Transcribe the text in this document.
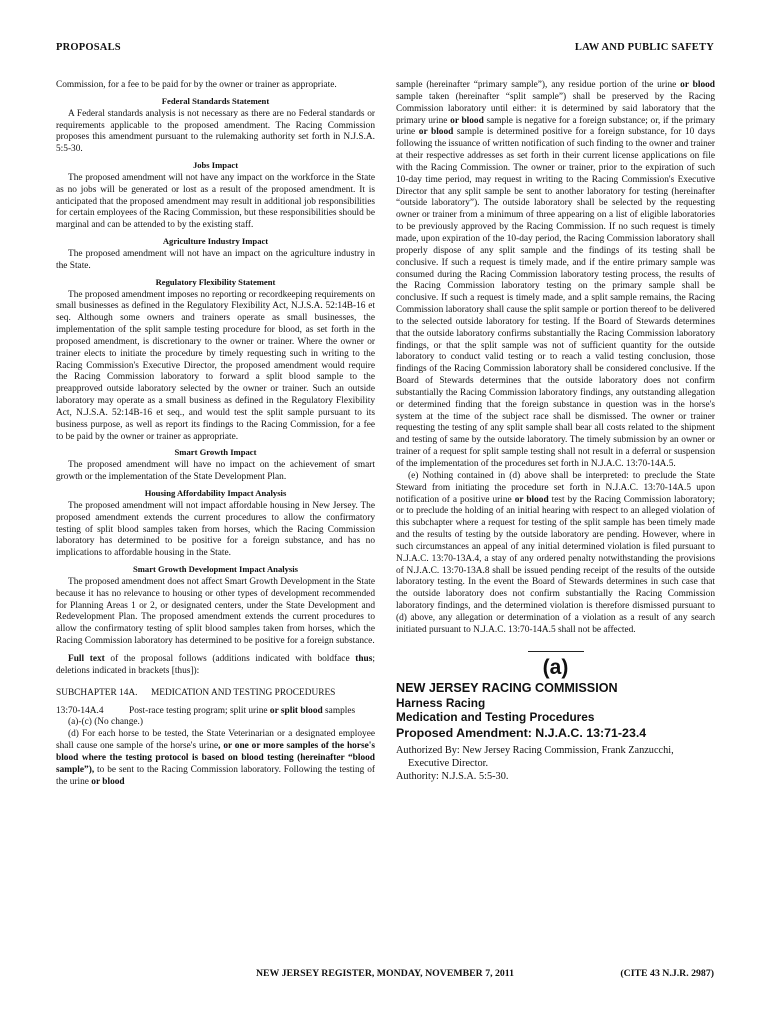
PROPOSALS	LAW AND PUBLIC SAFETY

Commission, for a fee to be paid for by the owner or trainer as appropriate.

Federal Standards Statement

A Federal standards analysis is not necessary as there are no Federal standards or requirements applicable to the proposed amendment. The Racing Commission proposes this amendment pursuant to the rulemaking authority set forth in N.J.S.A. 5:5-30.

Jobs Impact

The proposed amendment will not have any impact on the workforce in the State as no jobs will be generated or lost as a result of the proposed amendment. It is anticipated that the proposed amendment may result in additional job responsibilities for certain employees of the Racing Commission, but these responsibilities should be marginal and can be attended to by the existing staff.

Agriculture Industry Impact

The proposed amendment will not have an impact on the agriculture industry in the State.

Regulatory Flexibility Statement

The proposed amendment imposes no reporting or recordkeeping requirements on small businesses as defined in the Regulatory Flexibility Act, N.J.S.A. 52:14B-16 et seq. Although some owners and trainers operate as small businesses, the implementation of the split sample testing procedure for blood, as set forth in the proposed amendment, is discretionary to the owner or trainer. Where the owner or trainer elects to initiate the procedure by timely requesting such in writing to the Racing Commission's Executive Director, the proposed amendment would require the Racing Commission laboratory to forward a split blood sample to the preapproved outside laboratory selected by the owner or trainer. Such an outside laboratory may operate as a small business as defined in the Regulatory Flexibility Act, N.J.S.A. 52:14B-16 et seq., and would test the split sample pursuant to its business purpose, as well as report its findings to the Racing Commission, for a fee to be paid by the owner or trainer as appropriate.

Smart Growth Impact

The proposed amendment will have no impact on the achievement of smart growth or the implementation of the State Development Plan.

Housing Affordability Impact Analysis

The proposed amendment will not impact affordable housing in New Jersey. The proposed amendment extends the current procedures to allow the confirmatory testing of split blood samples taken from horses, which the Racing Commission laboratory has determined to be positive for a foreign substance, and has no implications to affordable housing in the State.

Smart Growth Development Impact Analysis

The proposed amendment does not affect Smart Growth Development in the State because it has no relevance to housing or other types of development recommended for Planning Areas 1 or 2, or designated centers, under the State Development and Redevelopment Plan. The proposed amendment extends the current procedures to allow the confirmatory testing of split blood samples taken from horses, which the Racing Commission laboratory has determined to be positive for a foreign substance.

Full text of the proposal follows (additions indicated with boldface thus; deletions indicated in brackets [thus]):

SUBCHAPTER 14A.	MEDICATION AND TESTING PROCEDURES
13:70-14A.4	Post-race testing program; split urine or split blood samples

(a)-(c) (No change.)

(d) For each horse to be tested, the State Veterinarian or a designated employee shall cause one sample of the horse's urine, or one or more samples of the horse's blood where the testing protocol is based on blood testing (hereinafter “blood sample”), to be sent to the Racing Commission laboratory. Following the testing of the urine or blood

sample (hereinafter “primary sample”), any residue portion of the urine or blood sample taken (hereinafter “split sample”) shall be preserved by the Racing Commission laboratory until either: it is determined by said laboratory that the primary urine or blood sample is negative for a foreign substance; or, if the primary urine or blood sample is determined positive for a foreign substance, for 10 days following the issuance of written notification of such finding to the owner and trainer at their respective addresses as set forth in their current license applications on file with the Racing Commission. The owner or trainer, prior to the expiration of such 10-day time period, may request in writing to the Racing Commission's Executive Director that any split sample be sent to another laboratory for testing (hereinafter “outside laboratory”). The outside laboratory shall be selected by the requesting owner or trainer from a minimum of three appearing on a list of eligible laboratories to be previously approved by the Racing Commission. If no such request is timely made, upon expiration of the 10-day period, the Racing Commission laboratory shall properly dispose of any split sample and the findings of its testing shall be conclusive. If such a request is timely made, and if the entire primary sample was consumed during the Racing Commission laboratory testing process, the results of the Racing Commission laboratory testing on the primary sample shall be conclusive. If such a request is timely made, and a split sample remains, the Racing Commission laboratory shall cause the split sample or portion thereof to be delivered to the selected outside laboratory for testing. If the Board of Stewards determines that the outside laboratory confirms substantially the Racing Commission laboratory findings, or that the split sample was not of sufficient quantity for the outside laboratory to conduct valid testing or to reach a valid testing conclusion, those findings of the Racing Commission laboratory shall be considered conclusive. If the Board of Stewards determines that the outside laboratory does not confirm substantially the Racing Commission laboratory findings, any outstanding allegation or determined finding that the foreign substance in question was in the horse's system at the time of the subject race shall be dismissed. The owner or trainer requesting the testing of any split sample shall bear all costs related to the shipment and testing of same by the outside laboratory. The timely submission by an owner or trainer of a request for split sample testing shall not result in a deferral or suspension of the implementation of the procedures set forth in N.J.A.C. 13:70-14A.5.

(e) Nothing contained in (d) above shall be interpreted: to preclude the State Steward from initiating the procedure set forth in N.J.A.C. 13:70-14A.5 upon notification of a positive urine or blood test by the Racing Commission laboratory; or to preclude the holding of an initial hearing with respect to an alleged violation of this subchapter where a request for testing of the split sample has been timely made and the results of testing by the outside laboratory are pending. However, where in such circumstances an appeal of any initial determined violation is filed pursuant to N.J.A.C. 13:70-13A.4, a stay of any ordered penalty notwithstanding the provisions of N.J.A.C. 13:70-13A.8 shall be issued pending receipt of the results of the outside laboratory testing. In the event the Board of Stewards determines in such case that the outside laboratory does not confirm substantially the Racing Commission laboratory findings, and the determined violation is therefore dismissed pursuant to (d) above, any allegation or determination of a violation as a result of any search initiated pursuant to N.J.A.C. 13:70-14A.5 shall not be affected.

(a)
NEW JERSEY RACING COMMISSION
Harness Racing
Medication and Testing Procedures
Proposed Amendment: N.J.A.C. 13:71-23.4
Authorized By: New Jersey Racing Commission, Frank Zanzucchi,
Executive Director.
Authority: N.J.S.A. 5:5-30.
NEW JERSEY REGISTER, MONDAY, NOVEMBER 7, 2011	(CITE 43 N.J.R. 2987)
